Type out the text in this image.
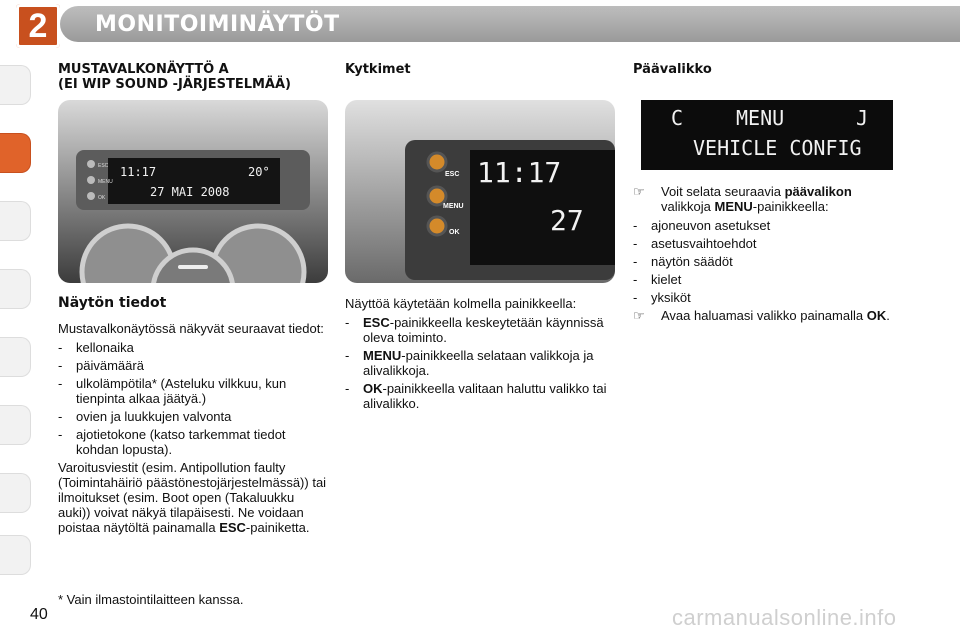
2	MONITOIMINÄYTÖT
MUSTAVALKONÄYTTÖ A
(EI WIP SOUND -JÄRJESTELMÄÄ)
ESC
MENU
OK
11:17	20°
27 MAI 2008
Näytön tiedot

Mustavalkonäytössä näkyvät seuraavat tiedot:

- kellonaika
- päivämäärä
- ulkolämpötila* (Asteluku vilkkuu, kun tienpinta alkaa jäätyä.)
- ovien ja luukkujen valvonta
- ajotietokone (katso tarkemmat tiedot kohdan lopusta).

Varoitusviestit (esim. Antipollution faulty (Toimintahäiriö päästönestojärjestelmässä)) tai ilmoitukset (esim. Boot open (Takaluukku auki)) voivat näkyä tilapäisesti. Ne voidaan poistaa näytöltä painamalla ESC-painiketta.

Kytkimet
ESC
MENU
OK
11:17
27

Näyttöä käytetään kolmella painikkeella:

- ESC-painikkeella keskeytetään käynnissä oleva toiminto.
- MENU-painikkeella selataan valikkoja ja alivalikkoja.
- OK-painikkeella valitaan haluttu valikko tai alivalikko.
Päävalikko
C	MENU	J
VEHICLE CONFIG
☞ Voit selata seuraavia päävalikon valikkoja MENU-painikkeella:
- ajoneuvon asetukset
- asetusvaihtoehdot
- näytön säädöt
- kielet
- yksiköt
☞ Avaa haluamasi valikko painamalla OK.
* Vain ilmastointilaitteen kanssa.
40	carmanualsonline.info
